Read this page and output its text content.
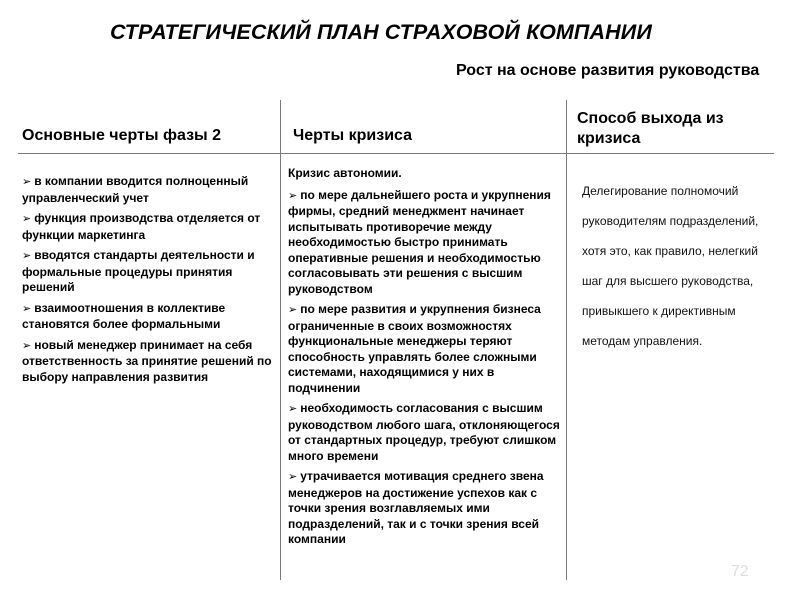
СТРАТЕГИЧЕСКИЙ ПЛАН СТРАХОВОЙ КОМПАНИИ
Рост на основе развития руководства
Основные черты фазы 2	Черты кризиса
Способ выхода из кризиса
➢ в компании вводится полноценный управленческий учет
➢ функция производства отделяется от функции маркетинга
➢ вводятся стандарты деятельности и формальные процедуры принятия решений
➢ взаимоотношения в коллективе становятся более формальными
➢ новый менеджер принимает на себя ответственность за принятие решений по выбору направления развития
Кризис автономии.
➢ по мере дальнейшего роста и укрупнения фирмы, средний менеджмент начинает испытывать противоречие между необходимостью быстро принимать оперативные решения и необходимостью согласовывать эти решения с высшим руководством
➢ по мере развития и укрупнения бизнеса ограниченные в своих возможностях функциональные менеджеры теряют способность управлять более сложными системами, находящимися у них в подчинении
➢ необходимость согласования с высшим руководством любого шага, отклоняющегося от стандартных процедур, требуют слишком много времени
➢ утрачивается мотивация среднего звена менеджеров на достижение успехов как с точки зрения возглавляемых ими подразделений, так и с точки зрения всей компании
Делегирование полномочий руководителям подразделений, хотя это, как правило, нелегкий шаг для высшего руководства, привыкшего к директивным методам управления.
72
